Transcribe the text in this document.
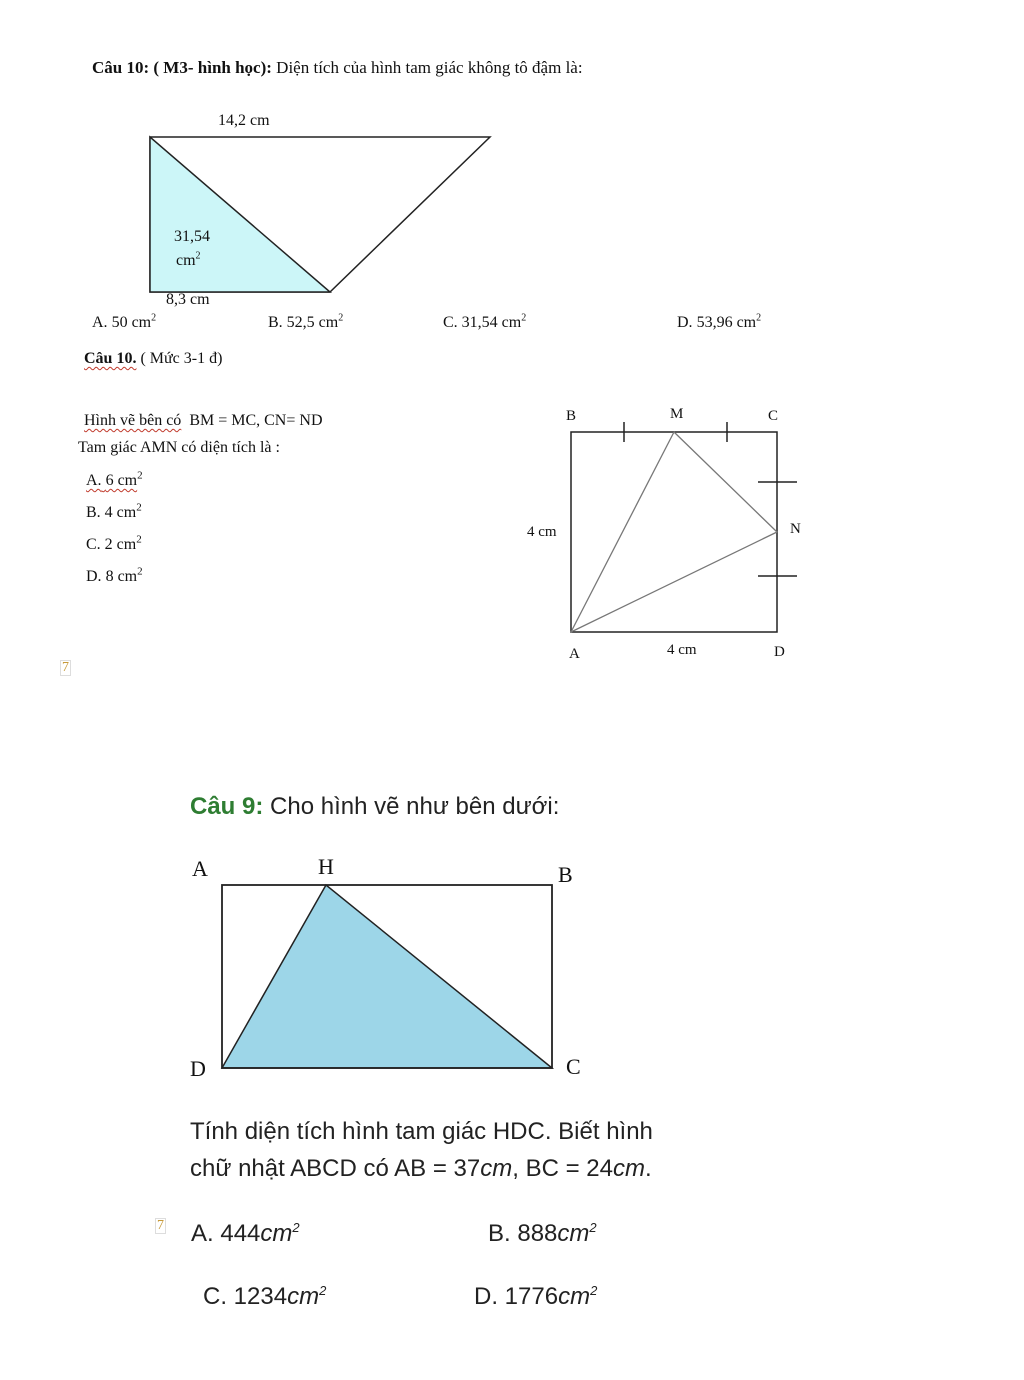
Câu 10: ( M3- hình học): Diện tích của hình tam giác không tô đậm là:
14,2 cm
31,54
$cm^2$
8,3 cm
A. 50 $cm^2$	B. 52,5 $cm^2$	C. 31,54 $cm^2$	D. 53,96 $cm^2$
Câu 10. ( Mức 3-1 đ)
Hình vẽ bên có BM = MC, CN= ND
Tam giác AMN có diện tích là :
A. 6 $cm^2$
B. 4 $cm^2$
C. 2 $cm^2$
D. 8 $cm^2$
7
B	M	C
N
A	D
4 cm
4 cm
Câu 9: Cho hình vẽ như bên dưới:
A	H	B
D	C
Tính diện tích hình tam giác HDC. Biết hình
chữ nhật ABCD có AB = 37cm, BC = 24cm.
7 A. $444cm^2$	B. $888cm^2$
C. $1234cm^2$	D. $1776cm^2$
